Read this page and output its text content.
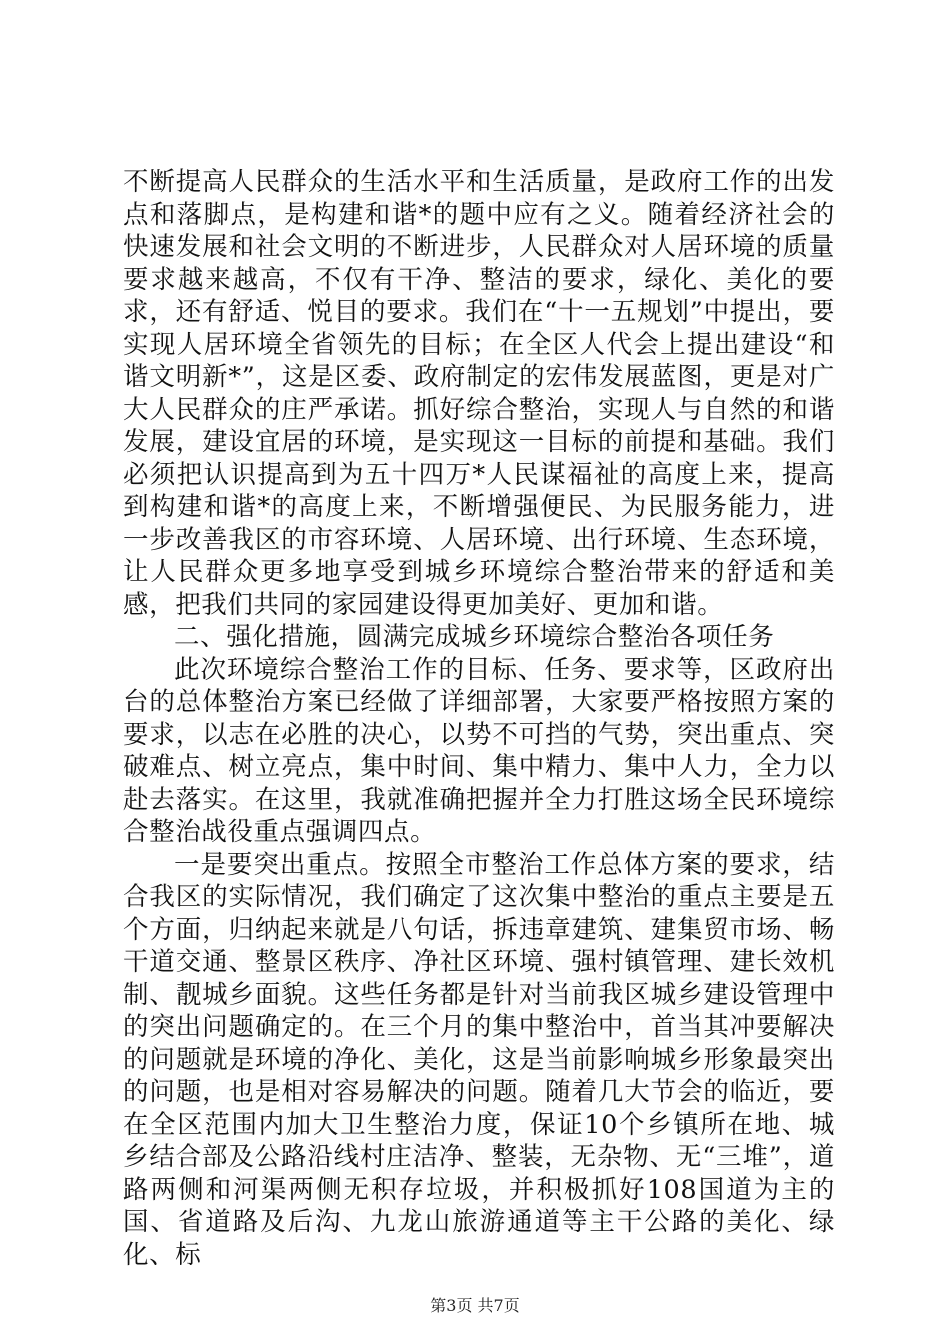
不断提高人民群众的生活水平和生活质量，是政府工作的出发点和落脚点，是构建和谐*的题中应有之义。随着经济社会的快速发展和社会文明的不断进步，人民群众对人居环境的质量要求越来越高，不仅有干净、整洁的要求，绿化、美化的要求，还有舒适、悦目的要求。我们在“十一五规划”中提出，要实现人居环境全省领先的目标；在全区人代会上提出建设“和谐文明新*”，这是区委、政府制定的宏伟发展蓝图，更是对广大人民群众的庄严承诺。抓好综合整治，实现人与自然的和谐发展，建设宜居的环境，是实现这一目标的前提和基础。我们必须把认识提高到为五十四万*人民谋福祉的高度上来，提高到构建和谐*的高度上来，不断增强便民、为民服务能力，进一步改善我区的市容环境、人居环境、出行环境、生态环境，让人民群众更多地享受到城乡环境综合整治带来的舒适和美感，把我们共同的家园建设得更加美好、更加和谐。

二、强化措施，圆满完成城乡环境综合整治各项任务

此次环境综合整治工作的目标、任务、要求等，区政府出台的总体整治方案已经做了详细部署，大家要严格按照方案的要求，以志在必胜的决心，以势不可挡的气势，突出重点、突破难点、树立亮点，集中时间、集中精力、集中人力，全力以赴去落实。在这里，我就准确把握并全力打胜这场全民环境综合整治战役重点强调四点。

一是要突出重点。按照全市整治工作总体方案的要求，结合我区的实际情况，我们确定了这次集中整治的重点主要是五个方面，归纳起来就是八句话，拆违章建筑、建集贸市场、畅干道交通、整景区秩序、净社区环境、强村镇管理、建长效机制、靓城乡面貌。这些任务都是针对当前我区城乡建设管理中的突出问题确定的。在三个月的集中整治中，首当其冲要解决的问题就是环境的净化、美化，这是当前影响城乡形象最突出的问题，也是相对容易解决的问题。随着几大节会的临近，要在全区范围内加大卫生整治力度，保证10个乡镇所在地、城乡结合部及公路沿线村庄洁净、整装，无杂物、无“三堆”，道路两侧和河渠两侧无积存垃圾，并积极抓好108国道为主的国、省道路及后沟、九龙山旅游通道等主干公路的美化、绿化、标

第3页 共7页
